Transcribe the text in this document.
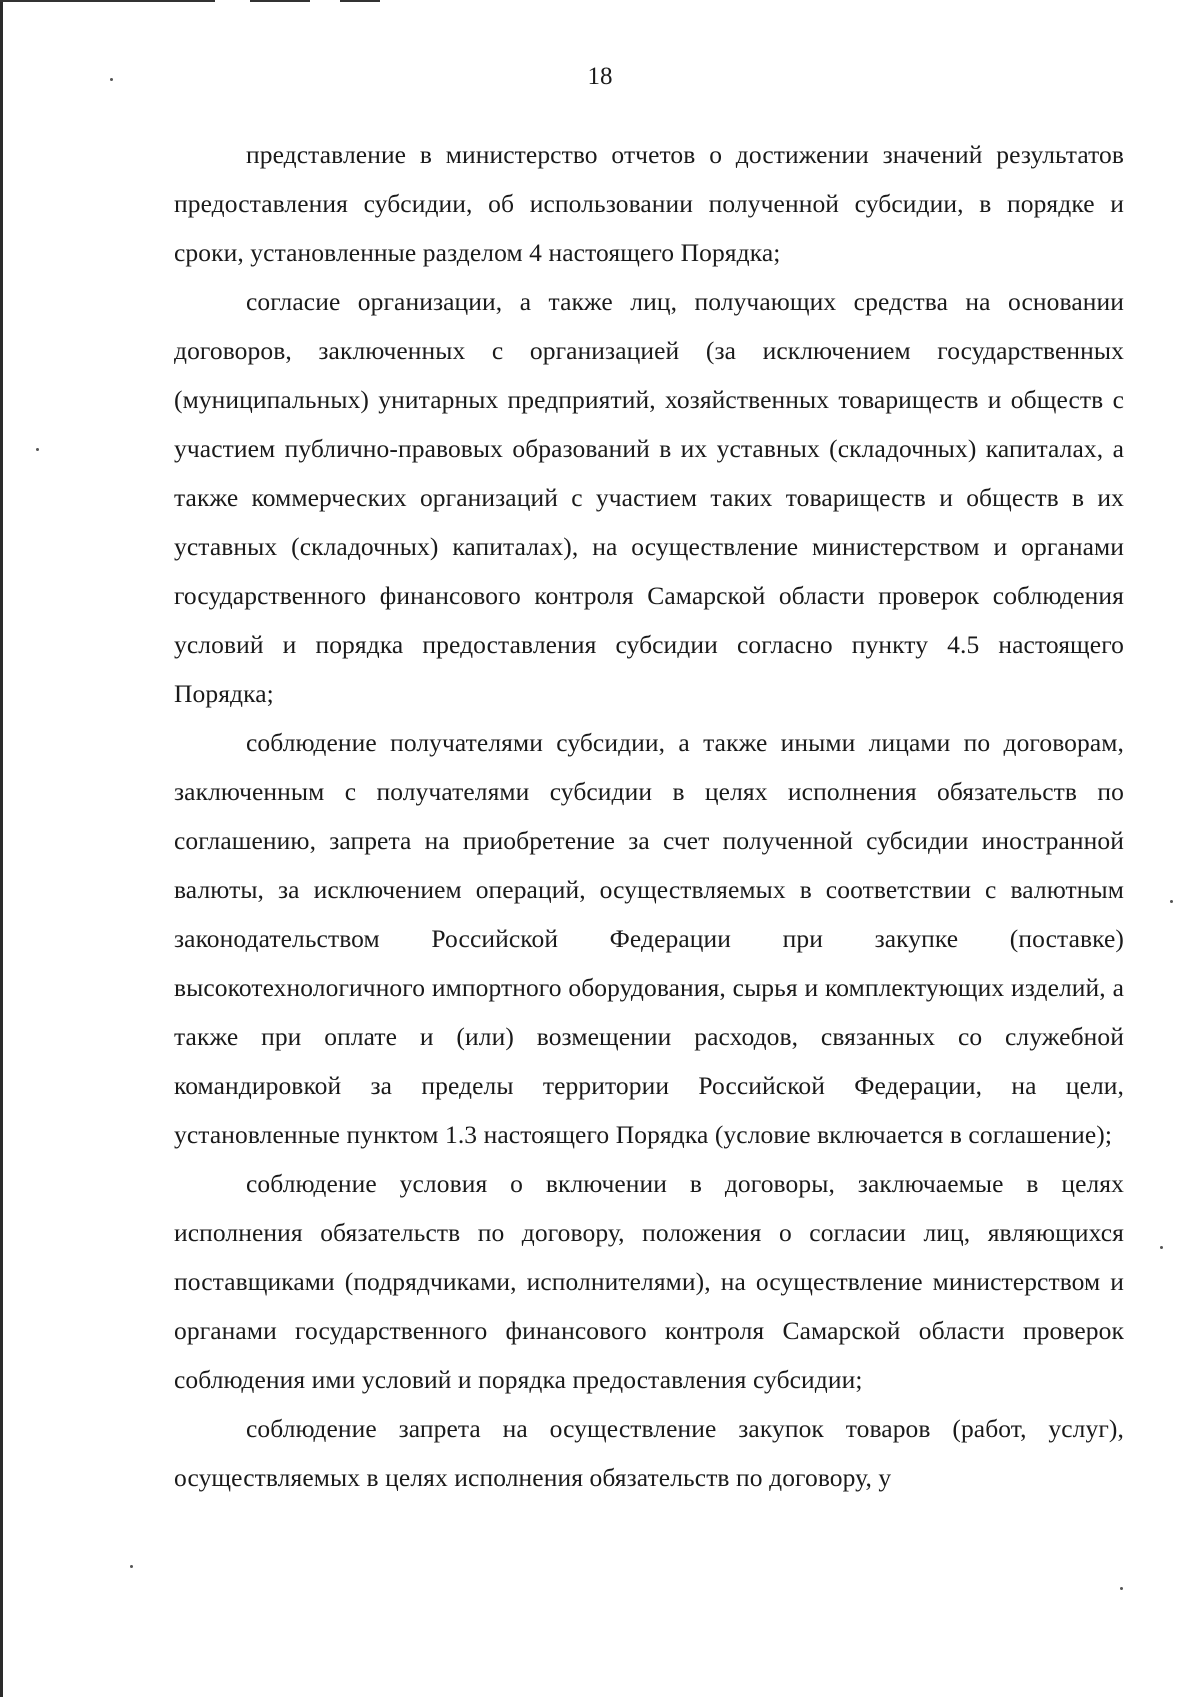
18

представление в министерство отчетов о достижении значений результатов предоставления субсидии, об использовании полученной субсидии, в порядке и сроки, установленные разделом 4 настоящего Порядка;

согласие организации, а также лиц, получающих средства на основании договоров, заключенных с организацией (за исключением государственных (муниципальных) унитарных предприятий, хозяйственных товариществ и обществ с участием публично-правовых образований в их уставных (складочных) капиталах, а также коммерческих организаций с участием таких товариществ и обществ в их уставных (складочных) капиталах), на осуществление министерством и органами государственного финансового контроля Самарской области проверок соблюдения условий и порядка предоставления субсидии согласно пункту 4.5 настоящего Порядка;

соблюдение получателями субсидии, а также иными лицами по договорам, заключенным с получателями субсидии в целях исполнения обязательств по соглашению, запрета на приобретение за счет полученной субсидии иностранной валюты, за исключением операций, осуществляемых в соответствии с валютным законодательством Российской Федерации при закупке (поставке) высокотехнологичного импортного оборудования, сырья и комплектующих изделий, а также при оплате и (или) возмещении расходов, связанных со служебной командировкой за пределы территории Российской Федерации, на цели, установленные пунктом 1.3 настоящего Порядка (условие включается в соглашение);

соблюдение условия о включении в договоры, заключаемые в целях исполнения обязательств по договору, положения о согласии лиц, являющихся поставщиками (подрядчиками, исполнителями), на осуществление министерством и органами государственного финансового контроля Самарской области проверок соблюдения ими условий и порядка предоставления субсидии;

соблюдение запрета на осуществление закупок товаров (работ, услуг), осуществляемых в целях исполнения обязательств по договору, у
